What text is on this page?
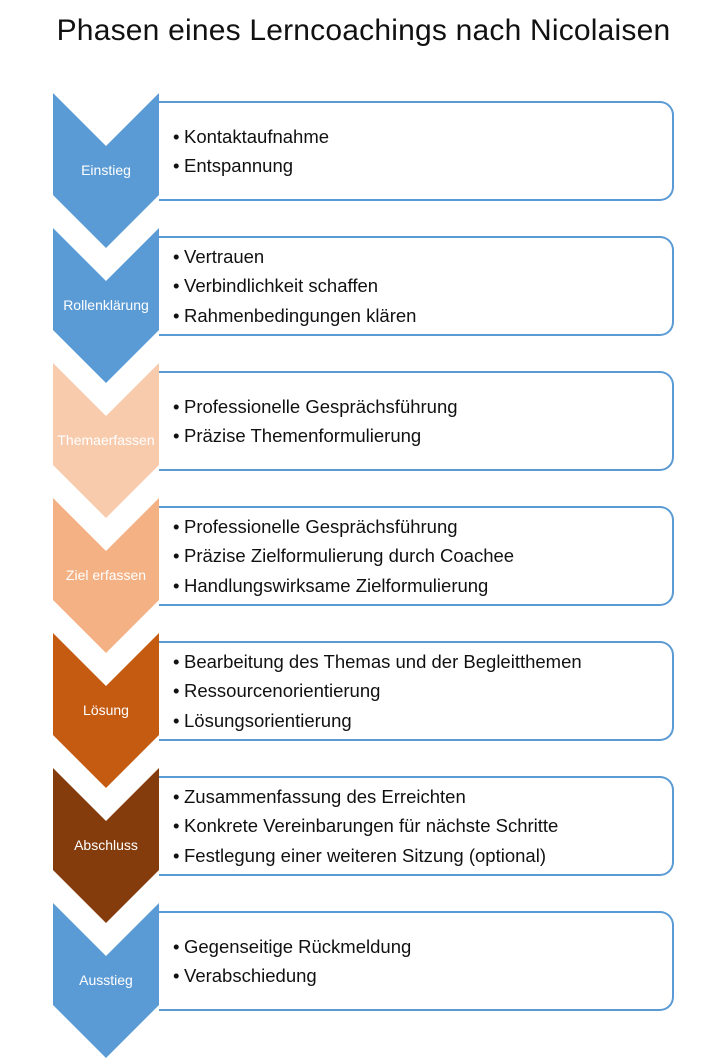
Phasen eines Lerncoachings nach Nicolaisen
• Kontaktaufnahme
• Entspannung
Einstieg
• Vertrauen
• Verbindlichkeit schaffen
• Rahmenbedingungen klären
Rollenklärung
• Professionelle Gesprächsführung
• Präzise Themenformulierung
Thema erfassen
• Professionelle Gesprächsführung
• Präzise Zielformulierung durch Coachee
• Handlungswirksame Zielformulierung
Ziel erfassen
• Bearbeitung des Themas und der Begleitthemen
• Ressourcenorientierung
• Lösungsorientierung
Lösung
• Zusammenfassung des Erreichten
• Konkrete Vereinbarungen für nächste Schritte
• Festlegung einer weiteren Sitzung (optional)
Abschluss
• Gegenseitige Rückmeldung
• Verabschiedung
Ausstieg
